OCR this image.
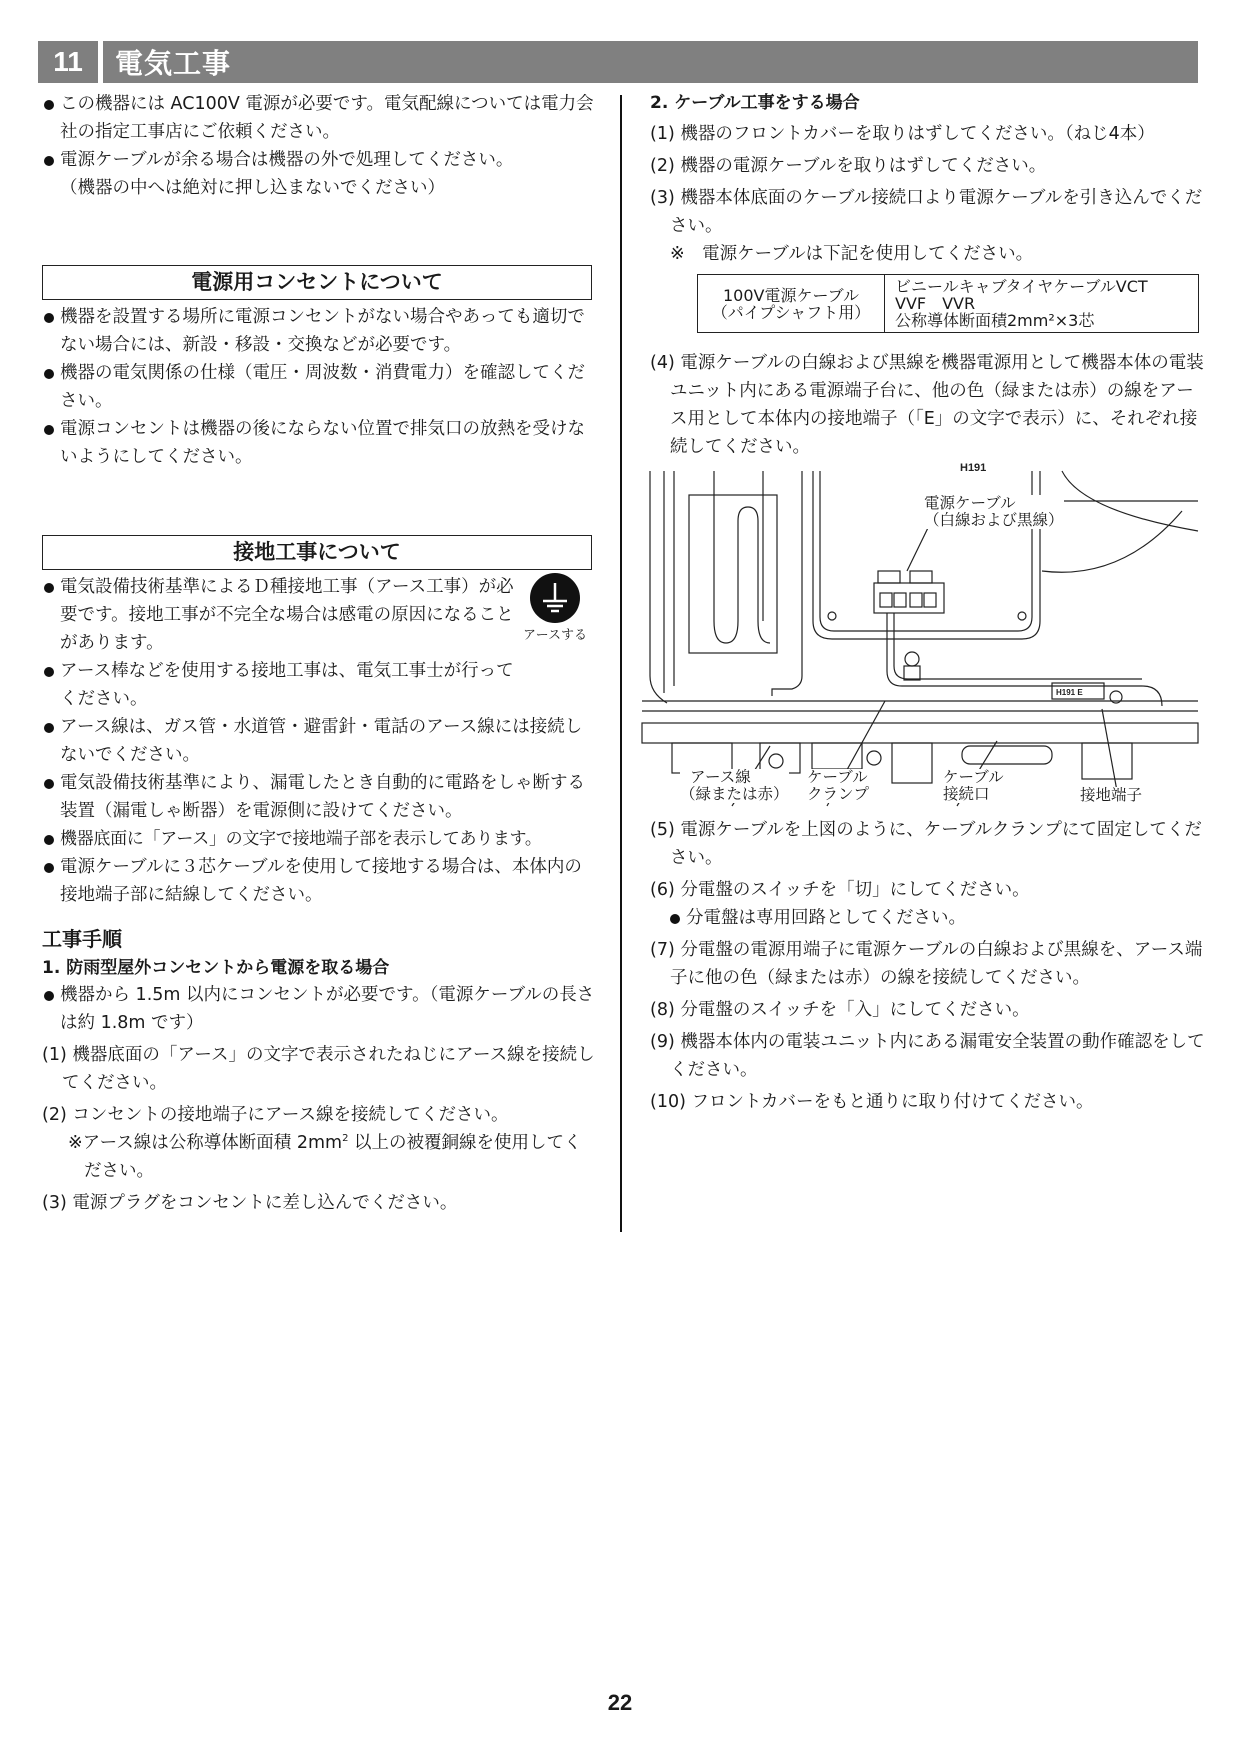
11	電気工事
この機器には AC100V 電源が必要です。電気配線については電力会社の指定工事店にご依頼ください。
電源ケーブルが余る場合は機器の外で処理してください。
（機器の中へは絶対に押し込まないでください）
電源用コンセントについて
機器を設置する場所に電源コンセントがない場合やあっても適切でない場合には、新設・移設・交換などが必要です。
機器の電気関係の仕様（電圧・周波数・消費電力）を確認してください。
電源コンセントは機器の後にならない位置で排気口の放熱を受けないようにしてください。
接地工事について
アースする
電気設備技術基準によるＤ種接地工事（アース工事）が必要です。接地工事が不完全な場合は感電の原因になることがあります。
アース棒などを使用する接地工事は、電気工事士が行ってください。
アース線は、ガス管・水道管・避雷針・電話のアース線には接続しないでください。
電気設備技術基準により、漏電したとき自動的に電路をしゃ断する装置（漏電しゃ断器）を電源側に設けてください。
機器底面に「アース」の文字で接地端子部を表示してあります。
電源ケーブルに３芯ケーブルを使用して接地する場合は、本体内の接地端子部に結線してください。
工事手順
1. 防雨型屋外コンセントから電源を取る場合
機器から 1.5m 以内にコンセントが必要です。（電源ケーブルの長さは約 1.8m です）
(1) 機器底面の「アース」の文字で表示されたねじにアース線を接続してください。
(2) コンセントの接地端子にアース線を接続してください。
※アース線は公称導体断面積 $2mm^2$ 以上の被覆銅線を使用してください。
(3) 電源プラグをコンセントに差し込んでください。
2. ケーブル工事をする場合
(1) 機器のフロントカバーを取りはずしてください。（ねじ4本）
(2) 機器の電源ケーブルを取りはずしてください。
(3) 機器本体底面のケーブル接続口より電源ケーブルを引き込んでください。
※　電源ケーブルは下記を使用してください。
100V電源ケーブル
（パイプシャフト用）

ビニールキャブタイヤケーブルVCT
VVF　VVR
公称導体断面積2mm²×3芯
(4) 電源ケーブルの白線および黒線を機器電源用として機器本体の電装ユニット内にある電源端子台に、他の色（緑または赤）の線をアース用として本体内の接地端子（「E」の文字で表示）に、それぞれ接続してください。
H191
H191 E
電源ケーブル
（白線および黒線）
アース線
（緑または赤）
ケーブル
クランプ
ケーブル
接続口	接地端子
(5) 電源ケーブルを上図のように、ケーブルクランプにて固定してください。
(6) 分電盤のスイッチを「切」にしてください。
分電盤は専用回路としてください。
(7) 分電盤の電源用端子に電源ケーブルの白線および黒線を、アース端子に他の色（緑または赤）の線を接続してください。
(8) 分電盤のスイッチを「入」にしてください。
(9) 機器本体内の電装ユニット内にある漏電安全装置の動作確認をしてください。
(10) フロントカバーをもと通りに取り付けてください。
22
